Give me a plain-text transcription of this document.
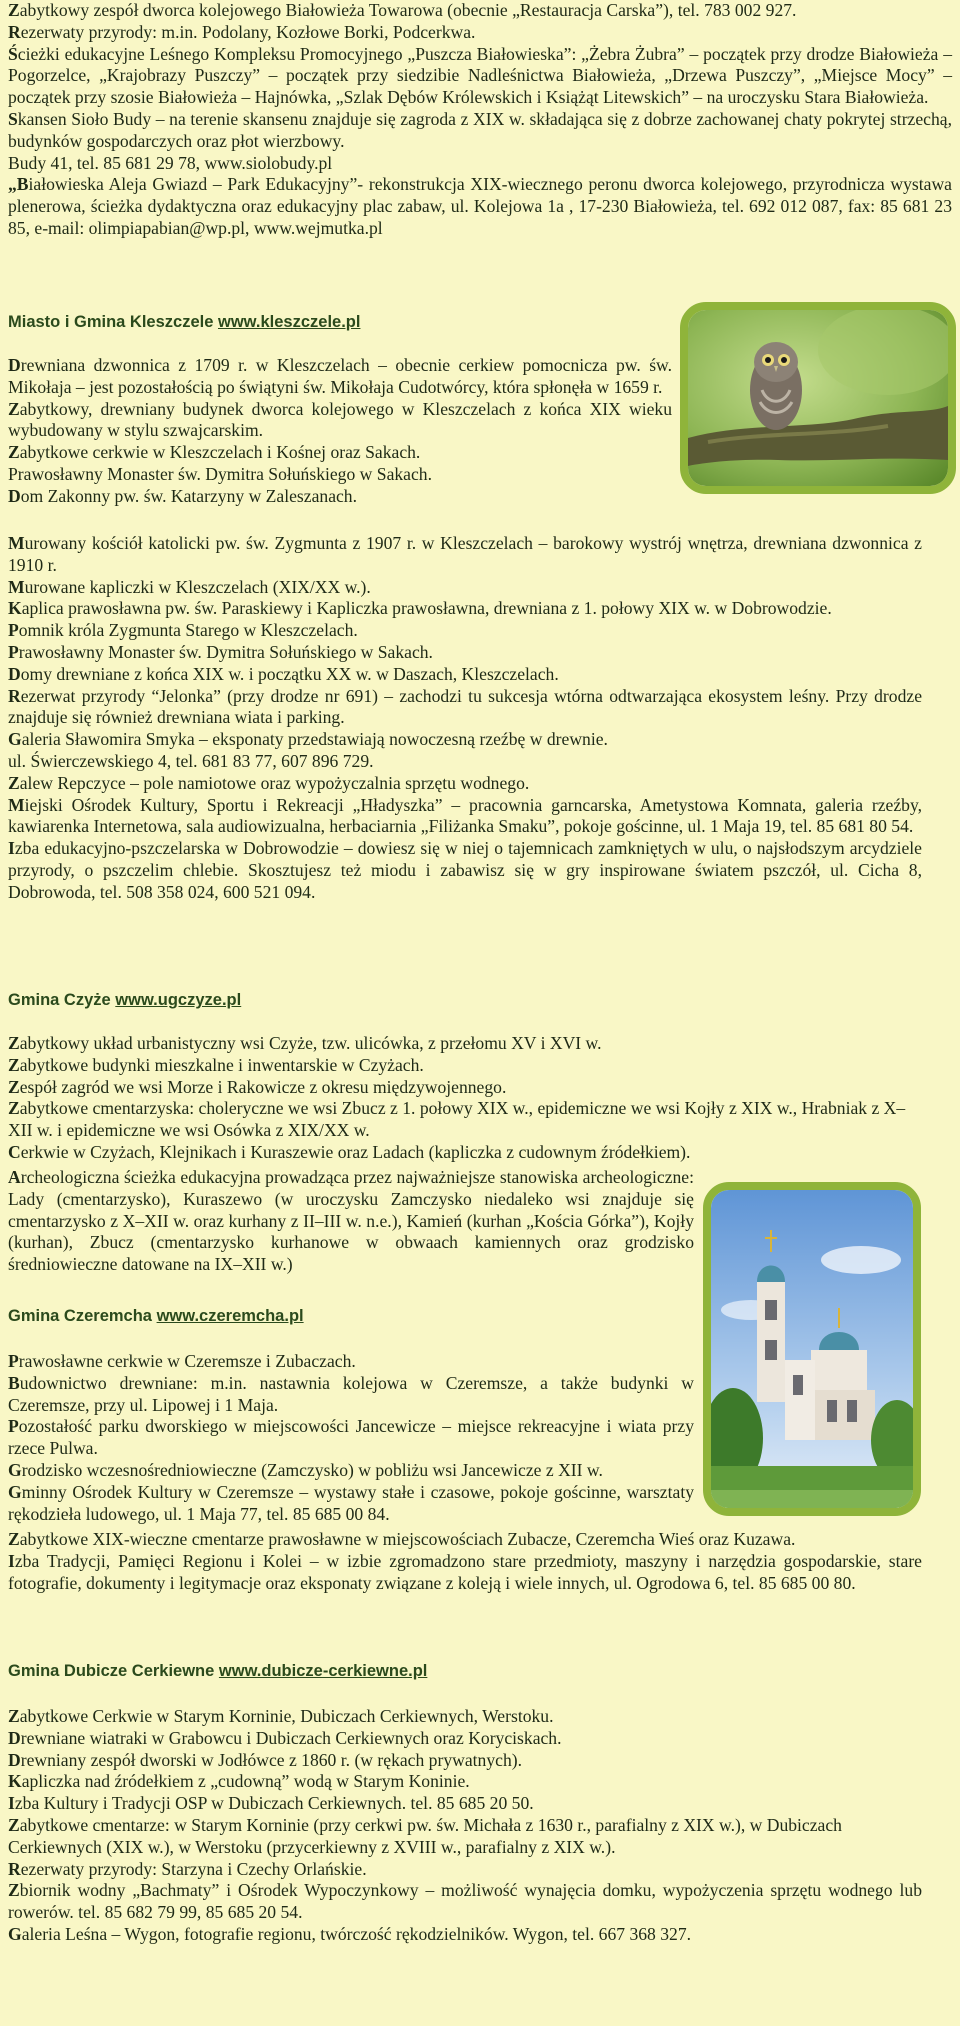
Zabytkowy zespół dworca kolejowego Białowieża Towarowa (obecnie „Restauracja Carska”), tel. 783 002 927.

Rezerwaty przyrody: m.in. Podolany, Kozłowe Borki, Podcerkwa.

Ścieżki edukacyjne Leśnego Kompleksu Promocyjnego „Puszcza Białowieska”: „Żebra Żubra” – początek przy drodze Białowieża – Pogorzelce, „Krajobrazy Puszczy” – początek przy siedzibie Nadleśnictwa Białowieża, „Drzewa Puszczy”, „Miejsce Mocy” – początek przy szosie Białowieża – Hajnówka, „Szlak Dębów Królewskich i Książąt Litewskich” – na uroczysku Stara Białowieża.

Skansen Sioło Budy – na terenie skansenu znajduje się zagroda z XIX w. składająca się z dobrze zachowanej chaty pokrytej strzechą, budynków gospodarczych oraz płot wierzbowy.

Budy 41, tel. 85 681 29 78, www.siolobudy.pl

„Białowieska Aleja Gwiazd – Park Edukacyjny”- rekonstrukcja XIX-wiecznego peronu dworca kolejowego, przyrodnicza wystawa plenerowa, ścieżka dydaktyczna oraz edukacyjny plac zabaw, ul. Kolejowa 1a , 17-230 Białowieża, tel. 692 012 087, fax: 85 681 23 85, e-mail: olimpiapabian@wp.pl, www.wejmutka.pl

Miasto i Gmina Kleszczele www.kleszczele.pl

Drewniana dzwonnica z 1709 r. w Kleszczelach – obecnie cerkiew pomocnicza pw. św. Mikołaja – jest pozostałością po świątyni św. Mikołaja Cudotwórcy, która spłonęła w 1659 r.

Zabytkowy, drewniany budynek dworca kolejowego w Kleszczelach z końca XIX wieku wybudowany w stylu szwajcarskim.

Zabytkowe cerkwie w Kleszczelach i Kośnej oraz Sakach.

Prawosławny Monaster św. Dymitra Sołuńskiego w Sakach.

Dom Zakonny pw. św. Katarzyny w Zaleszanach.

Murowany kościół katolicki pw. św. Zygmunta z 1907 r. w Kleszczelach – barokowy wystrój wnętrza, drewniana dzwonnica z 1910 r.

Murowane kapliczki w Kleszczelach (XIX/XX w.).

Kaplica prawosławna pw. św. Paraskiewy i Kapliczka prawosławna, drewniana z 1. połowy XIX w. w Dobrowodzie.

Pomnik króla Zygmunta Starego w Kleszczelach.

Prawosławny Monaster św. Dymitra Sołuńskiego w Sakach.

Domy drewniane z końca XIX w. i początku XX w. w Daszach, Kleszczelach.

Rezerwat przyrody “Jelonka” (przy drodze nr 691) – zachodzi tu sukcesja wtórna odtwarzająca ekosystem leśny. Przy drodze znajduje się również drewniana wiata i parking.

Galeria Sławomira Smyka – eksponaty przedstawiają nowoczesną rzeźbę w drewnie. ul. Świerczewskiego 4, tel. 681 83 77, 607 896 729.

Zalew Repczyce – pole namiotowe oraz wypożyczalnia sprzętu wodnego.

Miejski Ośrodek Kultury, Sportu i Rekreacji „Hładyszka” – pracownia garncarska, Ametystowa Komnata, galeria rzeźby, kawiarenka Internetowa, sala audiowizualna, herbaciarnia „Filiżanka Smaku”, pokoje gościnne, ul. 1 Maja 19, tel. 85 681 80 54.

Izba edukacyjno-pszczelarska w Dobrowodzie – dowiesz się w niej o tajemnicach zamkniętych w ulu, o najsłodszym arcydziele przyrody, o pszczelim chlebie. Skosztujesz też miodu i zabawisz się w gry inspirowane światem pszczół, ul. Cicha 8, Dobrowoda, tel. 508 358 024, 600 521 094.

Gmina Czyże www.ugczyze.pl

Zabytkowy układ urbanistyczny wsi Czyże, tzw. ulicówka, z przełomu XV i XVI w.

Zabytkowe budynki mieszkalne i inwentarskie w Czyżach.

Zespół zagród we wsi Morze i Rakowicze z okresu międzywojennego.

Zabytkowe cmentarzyska: choleryczne we wsi Zbucz z 1. połowy XIX w., epidemiczne we wsi Kojły z XIX w., Hrabniak z X–XII w. i epidemiczne we wsi Osówka z XIX/XX w.

Cerkwie w Czyżach, Klejnikach i Kuraszewie oraz Ladach (kapliczka z cudownym źródełkiem).

Archeologiczna ścieżka edukacyjna prowadząca przez najważniejsze stanowiska archeologiczne: Lady (cmentarzysko), Kuraszewo (w uroczysku Zamczysko niedaleko wsi znajduje się cmentarzysko z X–XII w. oraz kurhany z II–III w. n.e.), Kamień (kurhan „Kościa Górka”), Kojły (kurhan), Zbucz (cmentarzysko kurhanowe w obwaach kamiennych oraz grodzisko średniowieczne datowane na IX–XII w.)

Gmina Czeremcha www.czeremcha.pl

Prawosławne cerkwie w Czeremsze i Zubaczach.

Budownictwo drewniane: m.in. nastawnia kolejowa w Czeremsze, a także budynki w Czeremsze, przy ul. Lipowej i 1 Maja.

Pozostałość parku dworskiego w miejscowości Jancewicze – miejsce rekreacyjne i wiata przy rzece Pulwa.

Grodzisko wczesnośredniowieczne (Zamczysko) w pobliżu wsi Jancewicze z XII w.

Gminny Ośrodek Kultury w Czeremsze – wystawy stałe i czasowe, pokoje gościnne, warsztaty rękodzieła ludowego, ul. 1 Maja 77, tel. 85 685 00 84.

Zabytkowe XIX-wieczne cmentarze prawosławne w miejscowościach Zubacze, Czeremcha Wieś oraz Kuzawa.

Izba Tradycji, Pamięci Regionu i Kolei – w izbie zgromadzono stare przedmioty, maszyny i narzędzia gospodarskie, stare fotografie, dokumenty i legitymacje oraz eksponaty związane z koleją i wiele innych, ul. Ogrodowa 6, tel. 85 685 00 80.

Gmina Dubicze Cerkiewne www.dubicze-cerkiewne.pl

Zabytkowe Cerkwie w Starym Korninie, Dubiczach Cerkiewnych, Werstoku.

Drewniane wiatraki w Grabowcu i Dubiczach Cerkiewnych oraz Koryciskach.

Drewniany zespół dworski w Jodłówce z 1860 r. (w rękach prywatnych).

Kapliczka nad źródełkiem z „cudowną” wodą w Starym Koninie.

Izba Kultury i Tradycji OSP w Dubiczach Cerkiewnych. tel. 85 685 20 50.

Zabytkowe cmentarze: w Starym Korninie (przy cerkwi pw. św. Michała z 1630 r., parafialny z XIX w.), w Dubiczach Cerkiewnych (XIX w.), w Werstoku (przycerkiewny z XVIII w., parafialny z XIX w.).

Rezerwaty przyrody: Starzyna i Czechy Orlańskie.

Zbiornik wodny „Bachmaty” i Ośrodek Wypoczynkowy – możliwość wynajęcia domku, wypożyczenia sprzętu wodnego lub rowerów. tel. 85 682 79 99, 85 685 20 54.

Galeria Leśna – Wygon, fotografie regionu, twórczość rękodzielników. Wygon, tel. 667 368 327.
